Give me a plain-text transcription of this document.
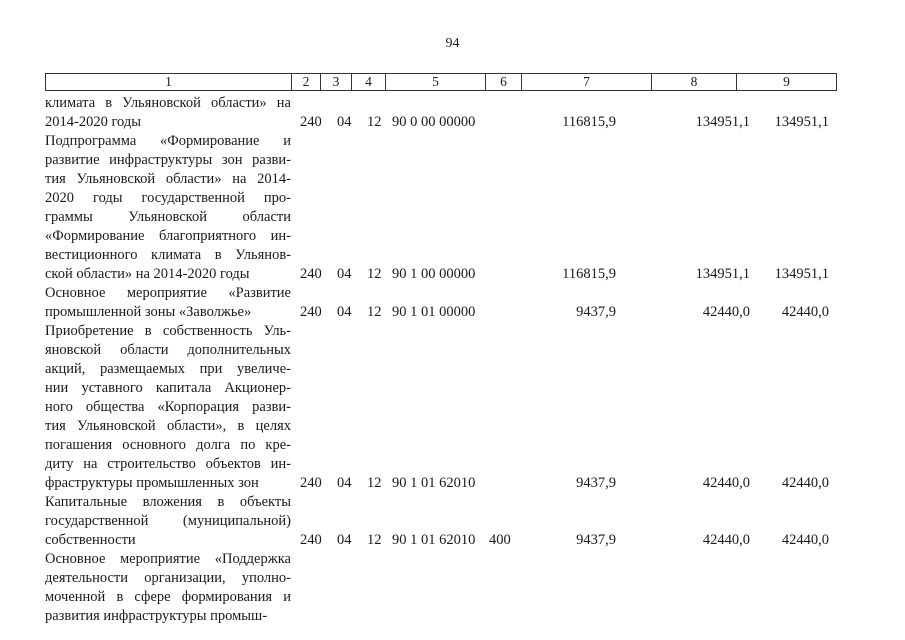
94
1	2	3	4	5	6	7	8	9
климата в Ульяновской области» на
2014-2020 годы	240 04 12 90 0 00 00000	116815,9	134951,1	134951,1
Подпрограмма «Формирование и
развитие инфраструктуры зон разви-
тия Ульяновской области» на 2014-
2020 годы государственной про-
граммы Ульяновской области
«Формирование благоприятного ин-
вестиционного климата в Ульянов-
ской области» на 2014-2020 годы	240 04 12 90 1 00 00000	116815,9	134951,1	134951,1
Основное мероприятие «Развитие
промышленной зоны «Заволжье»	240 04 12 90 1 01 00000	9437,9	42440,0	42440,0
Приобретение в собственность Уль-
яновской области дополнительных
акций, размещаемых при увеличе-
нии уставного капитала Акционер-
ного общества «Корпорация разви-
тия Ульяновской области», в целях
погашения основного долга по кре-
диту на строительство объектов ин-
фраструктуры промышленных зон	240 04 12 90 1 01 62010	9437,9	42440,0	42440,0
Капитальные вложения в объекты
государственной (муниципальной)
собственности	240 04 12 90 1 01 62010 400	9437,9	42440,0	42440,0
Основное мероприятие «Поддержка
деятельности организации, уполно-
моченной в сфере формирования и
развития инфраструктуры промыш-
